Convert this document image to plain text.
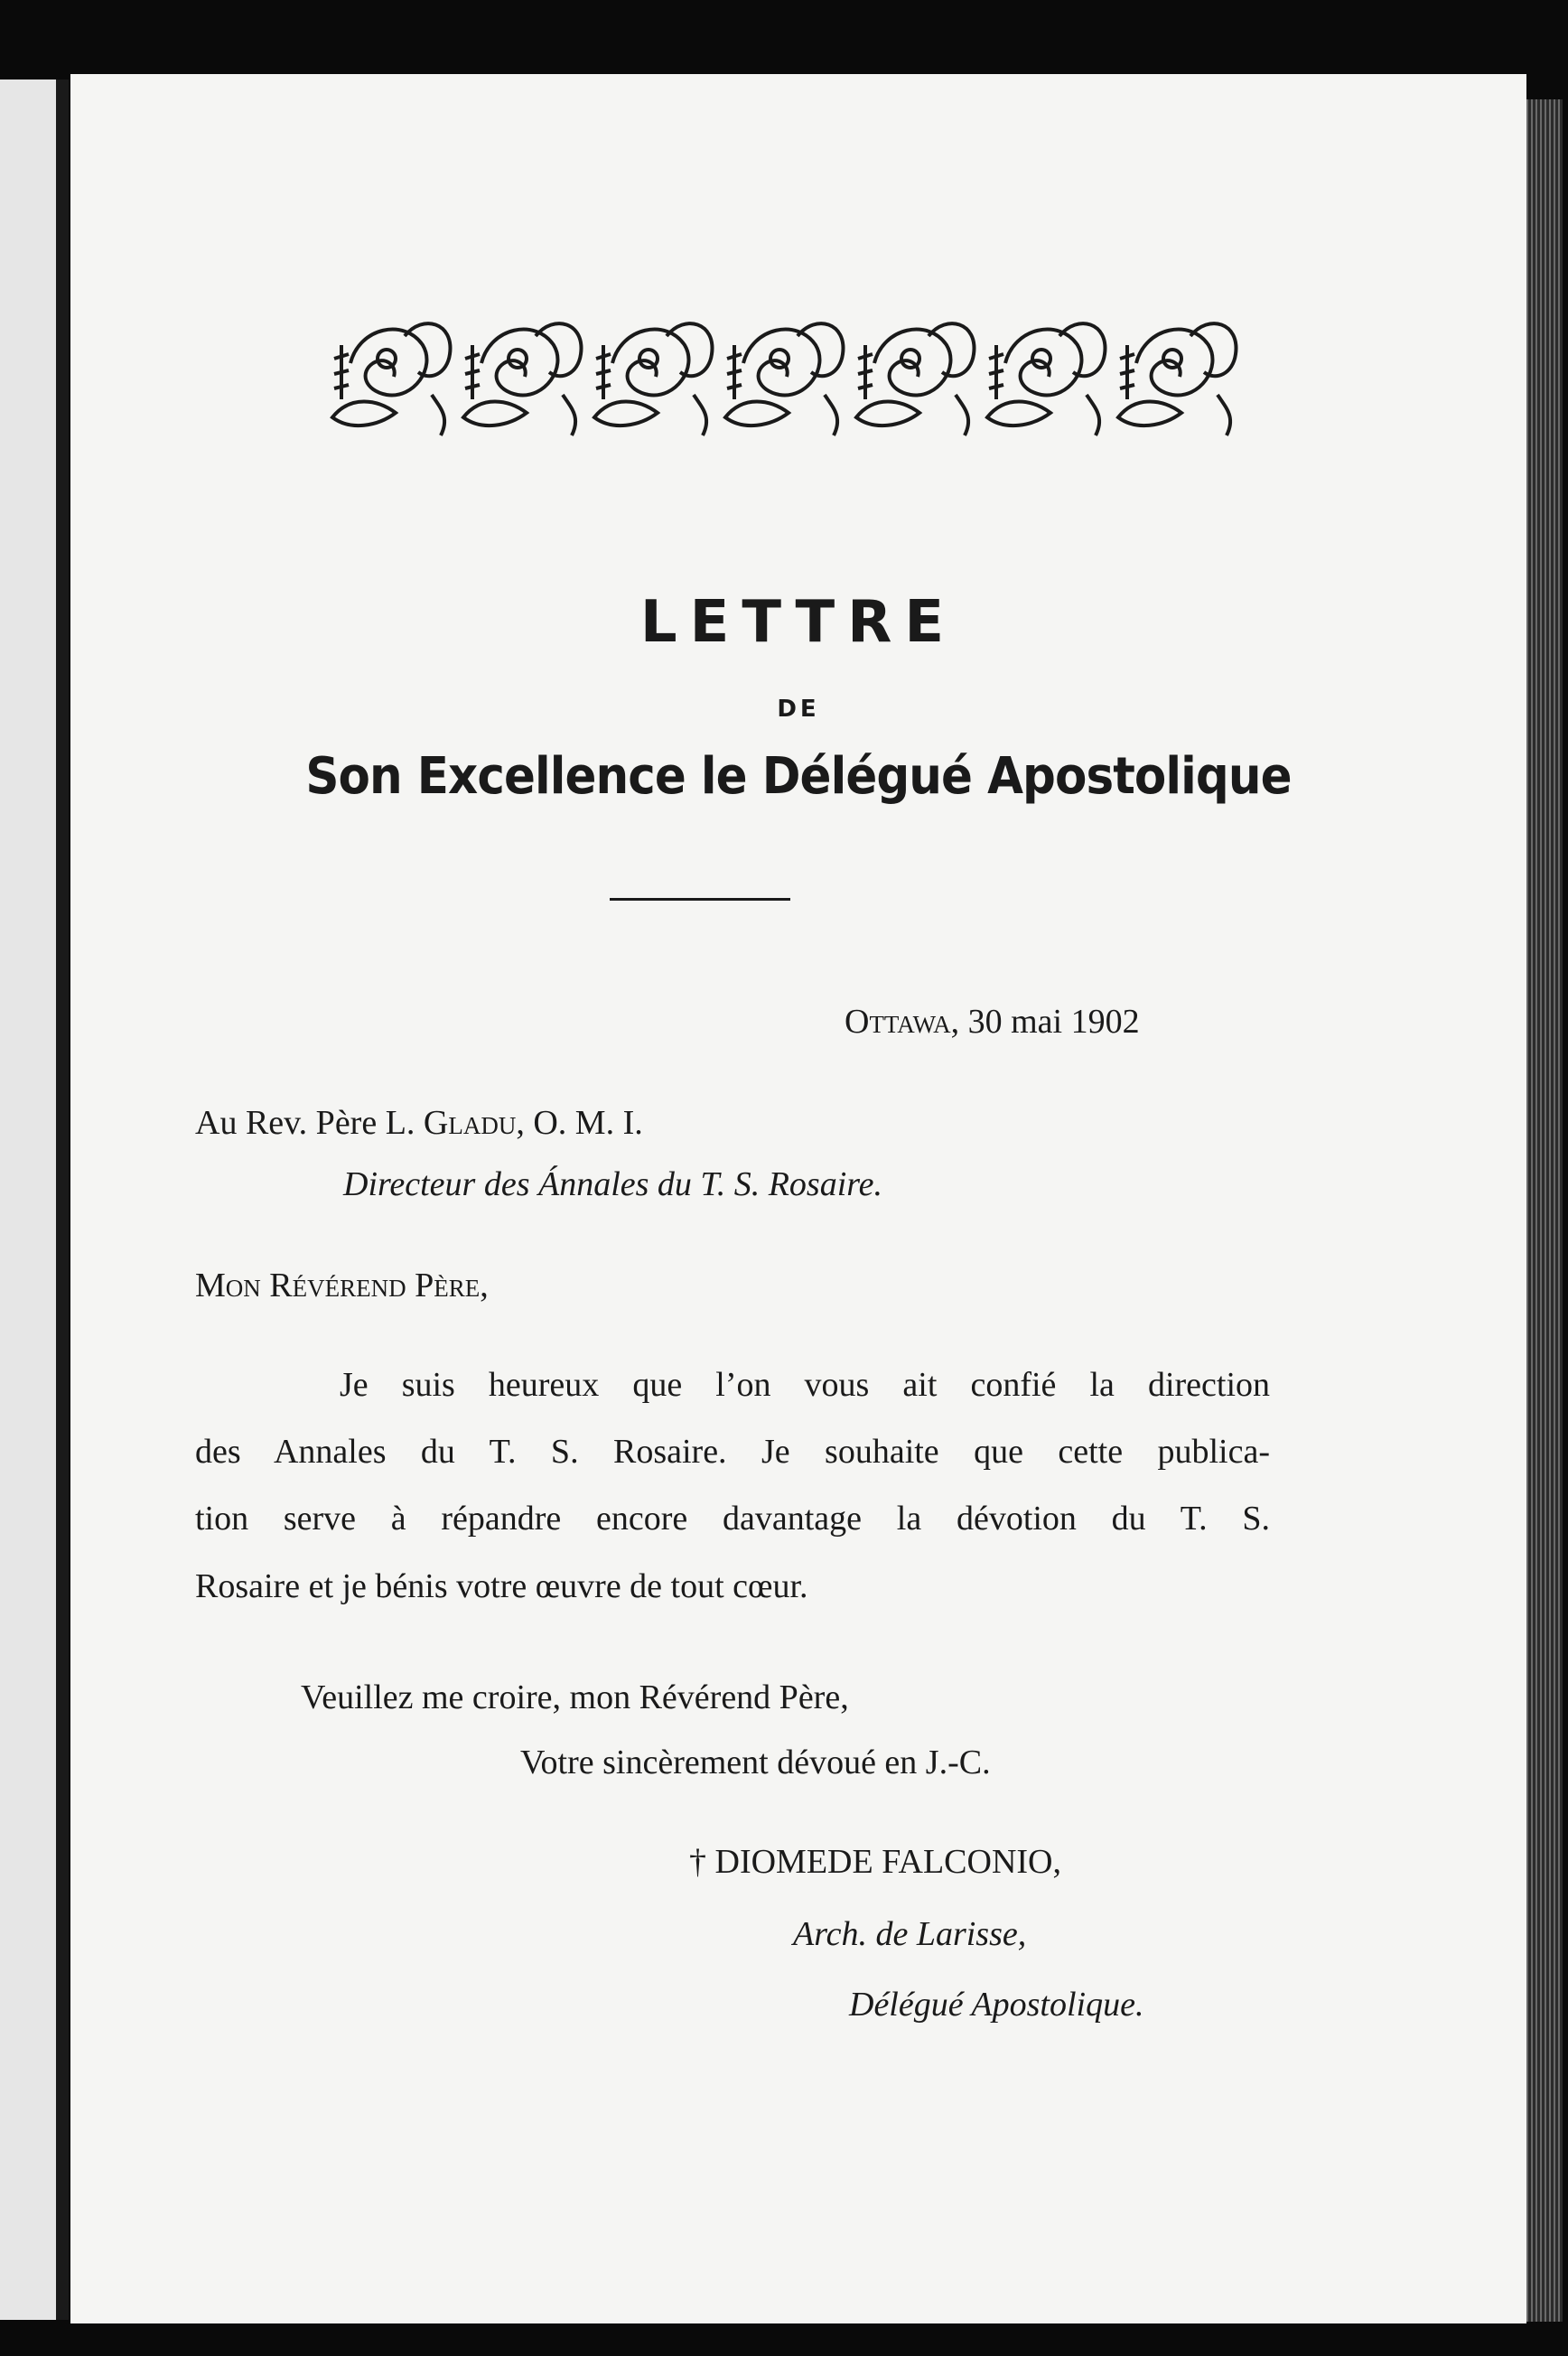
LETTRE
DE
Son Excellence le Délégué Apostolique
Ottawa, 30 mai 1902
Au Rev. Père L. Gladu, O. M. I.
Directeur des Ánnales du T. S. Rosaire.
Mon Révérend Père,
Je suis heureux que l’on vous ait confié la direction
des Annales du T. S. Rosaire. Je souhaite que cette publica-
tion serve à répandre encore davantage la dévotion du T. S.
Rosaire et je bénis votre œuvre de tout cœur.
Veuillez me croire, mon Révérend Père,
Votre sincèrement dévoué en J.-C.
† DIOMEDE FALCONIO,
Arch. de Larisse,
Délégué Apostolique.
